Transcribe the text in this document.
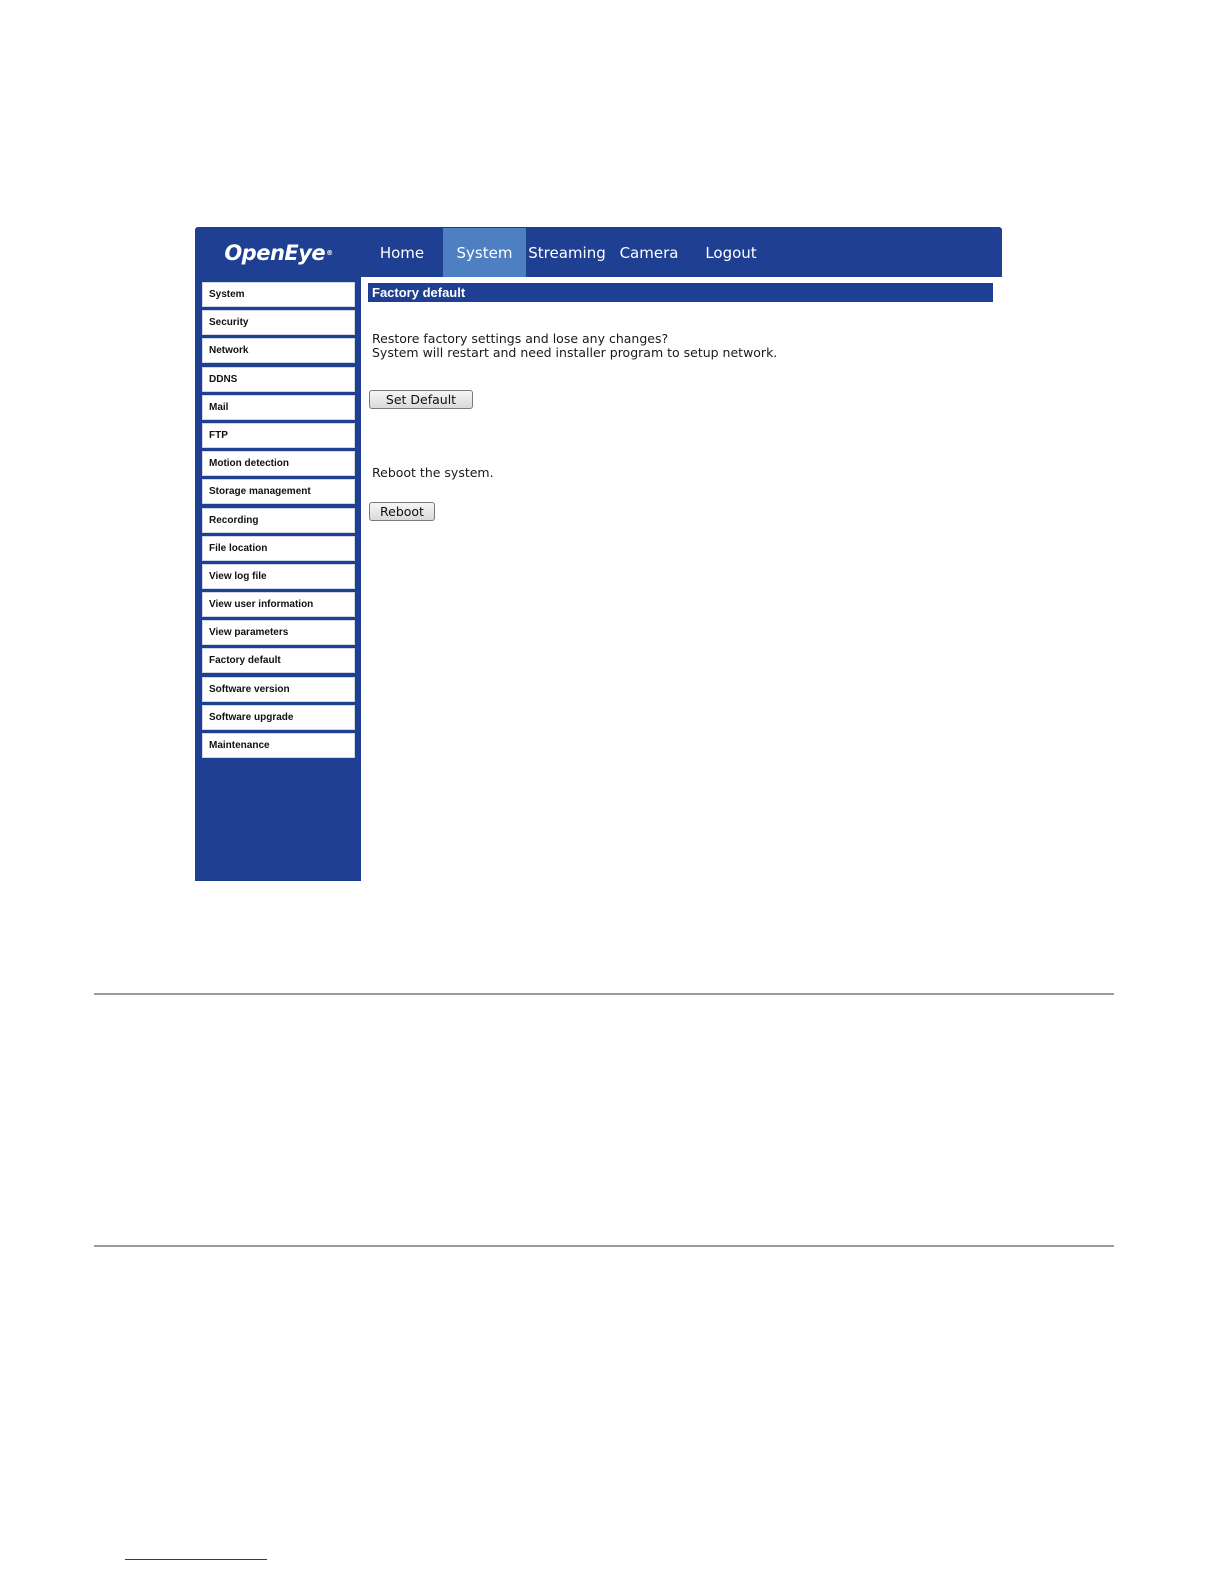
OpenEye ®	Home	System	Streaming Camera	Logout
System
Security
Network
DDNS
Mail
FTP
Motion detection
Storage management
Recording
File location
View log file
View user information
View parameters
Factory default
Software version
Software upgrade
Maintenance
Factory default
Restore factory settings and lose any changes?
System will restart and need installer program to setup network.
Set Default
Reboot the system.
Reboot
